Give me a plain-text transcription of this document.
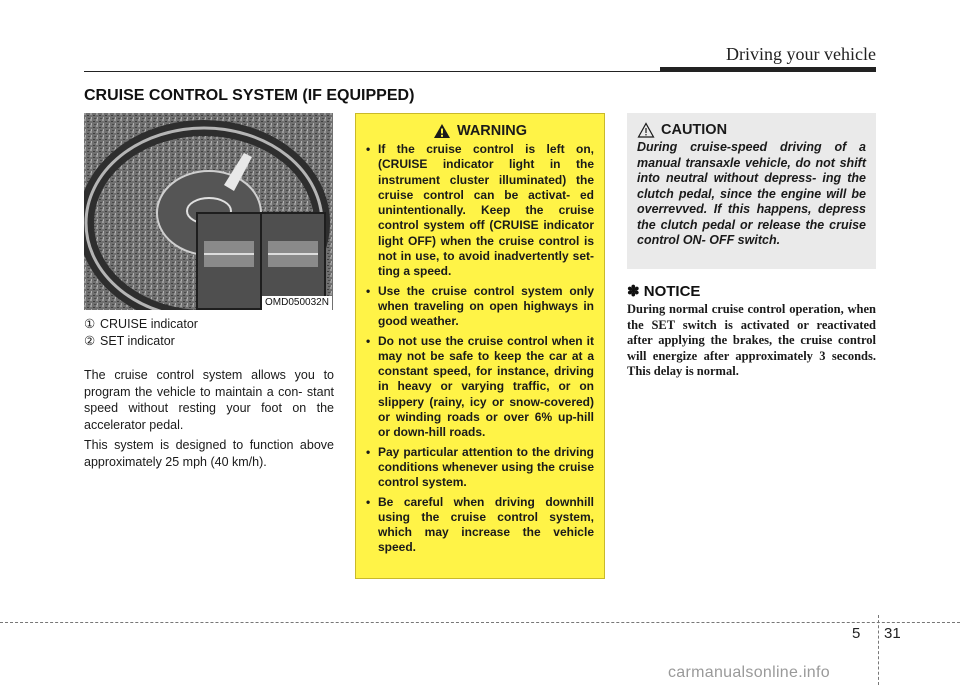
Driving your vehicle
CRUISE CONTROL SYSTEM (IF EQUIPPED)
OMD050032N
① CRUISE indicator
② SET indicator

The cruise control system allows you to program the vehicle to maintain a con- stant speed without resting your foot on the accelerator pedal.

This system is designed to function above approximately 25 mph (40 km/h).

WARNING
• If the cruise control is left on, (CRUISE indicator light in the instrument cluster illuminated) the cruise control can be activat- ed unintentionally. Keep the cruise control system off (CRUISE indicator light OFF) when the cruise control is not in use, to avoid inadvertently set- ting a speed.
• Use the cruise control system only when traveling on open highways in good weather.
• Do not use the cruise control when it may not be safe to keep the car at a constant speed, for instance, driving in heavy or varying traffic, or on slippery (rainy, icy or snow-covered) or winding roads or over 6% up-hill or down-hill roads.
• Pay particular attention to the driving conditions whenever using the cruise control system.
• Be careful when driving downhill using the cruise control system, which may increase the vehicle speed.
CAUTION
During cruise-speed driving of a manual transaxle vehicle, do not shift into neutral without depress- ing the clutch pedal, since the engine will be overrevved. If this happens, depress the clutch pedal or release the cruise control ON- OFF switch.
✽ NOTICE
During normal cruise control operation, when the SET switch is activated or reactivated after applying the brakes, the cruise control will energize after approximately 3 seconds. This delay is normal.
5 31
carmanualsonline.info
